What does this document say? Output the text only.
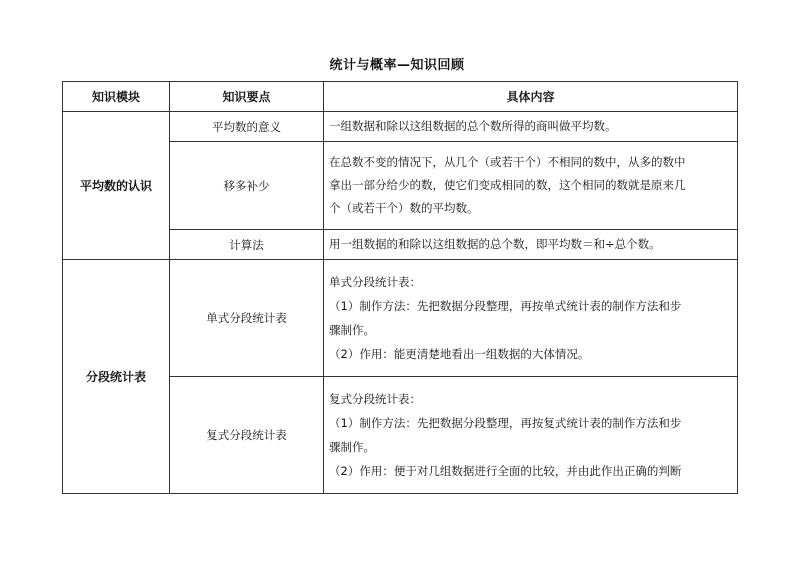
统计与概率—知识回顾
知识模块	知识要点	具体内容
平均数的认识	平均数的意义	一组数据和除以这组数据的总个数所得的商叫做平均数。

	移多补少	在总数不变的情况下，从几个（或若干个）不相同的数中，从多的数中
拿出一部分给少的数，使它们变成相同的数，这个相同的数就是原来几
个（或若干个）数的平均数。

	计算法	用一组数据的和除以这组数据的总个数，即平均数＝和÷总个数。

分段统计表	单式分段统计表	单式分段统计表：
（1）制作方法：先把数据分段整理，再按单式统计表的制作方法和步
骤制作。
（2）作用：能更清楚地看出一组数据的大体情况。

	复式分段统计表	复式分段统计表：
（1）制作方法：先把数据分段整理，再按复式统计表的制作方法和步
骤制作。
（2）作用：便于对几组数据进行全面的比较，并由此作出正确的判断
